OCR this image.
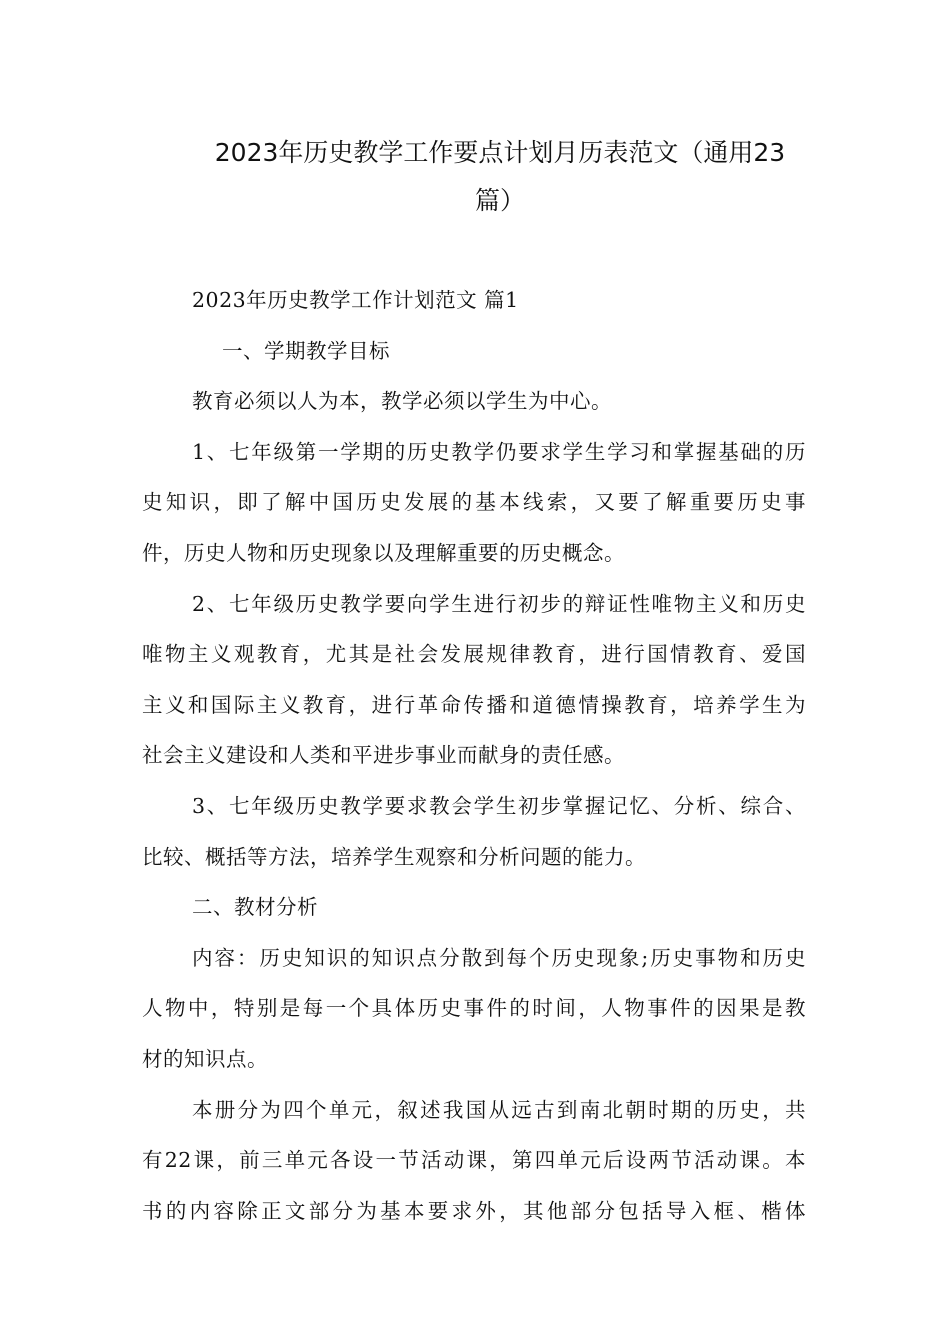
2023年历史教学工作要点计划月历表范文（通用23
篇）
2023年历史教学工作计划范文 篇1
一、学期教学目标
教育必须以人为本，教学必须以学生为中心。
1、七年级第一学期的历史教学仍要求学生学习和掌握基础的历
史知识，即了解中国历史发展的基本线索，又要了解重要历史事
件，历史人物和历史现象以及理解重要的历史概念。
2、七年级历史教学要向学生进行初步的辩证性唯物主义和历史
唯物主义观教育，尤其是社会发展规律教育，进行国情教育、爱国
主义和国际主义教育，进行革命传播和道德情操教育，培养学生为
社会主义建设和人类和平进步事业而献身的责任感。
3、七年级历史教学要求教会学生初步掌握记忆、分析、综合、
比较、概括等方法，培养学生观察和分析问题的能力。
二、教材分析
内容：历史知识的知识点分散到每个历史现象;历史事物和历史
人物中，特别是每一个具体历史事件的时间，人物事件的因果是教
材的知识点。
本册分为四个单元，叙述我国从远古到南北朝时期的历史，共
有22课，前三单元各设一节活动课，第四单元后设两节活动课。本
书的内容除正文部分为基本要求外，其他部分包括导入框、楷体
